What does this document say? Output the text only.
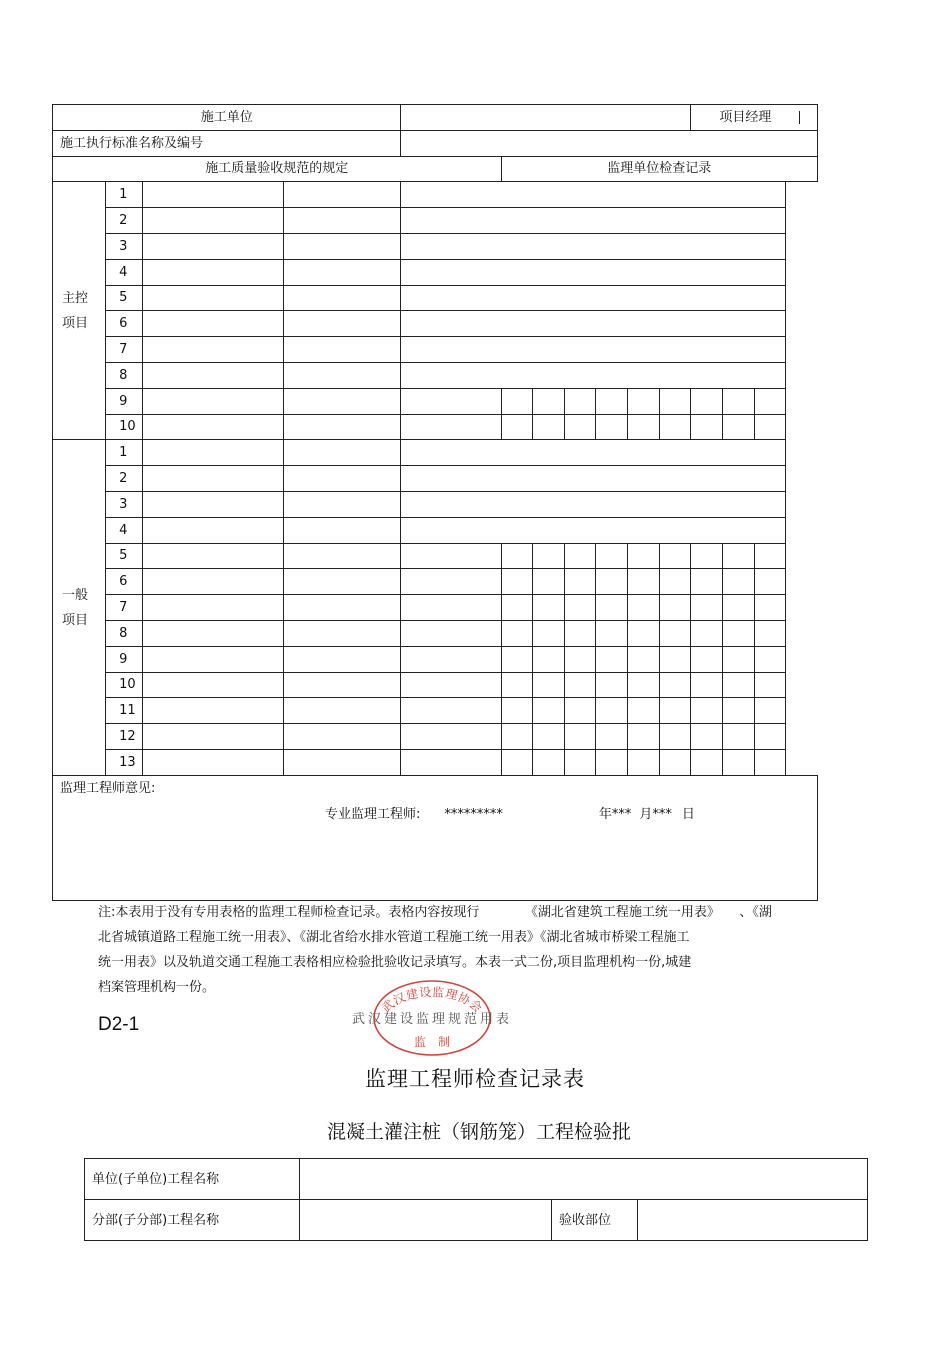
施工单位											项目经理		

施工执行标准名称及编号													
施工质量验收规范的规定					监理单位检查记录								

主控
项目	1												
	2												
	3												
	4												
	5												
	6												
	7												
	8												
	9												
	10												

一般
项目	1												
	2												
	3												
	4												
	5												
	6												
	7												
	8												
	9												
	10												
	11												
	12												
	13												

监理工程师意见:
专业监理工程师: ********* 年*** 月*** 日													
注:本表用于没有专用表格的监理工程师检查记录。表格内容按现行　　　　《湖北省建筑工程施工统一用表》　　、《湖
北省城镇道路工程施工统一用表》、《湖北省给水排水管道工程施工统一用表》《湖北省城市桥梁工程施工
统一用表》以及轨道交通工程施工表格相应检验批验收记录填写。本表一式二份,项目监理机构一份,城建
档案管理机构一份。
D2-1
武汉建设监理协会
武汉建设监理规范用表
监　制
监理工程师检查记录表
混凝土灌注桩（钢筋笼）工程检验批
单位(子单位)工程名称			
分部(子分部)工程名称		验收部位	
